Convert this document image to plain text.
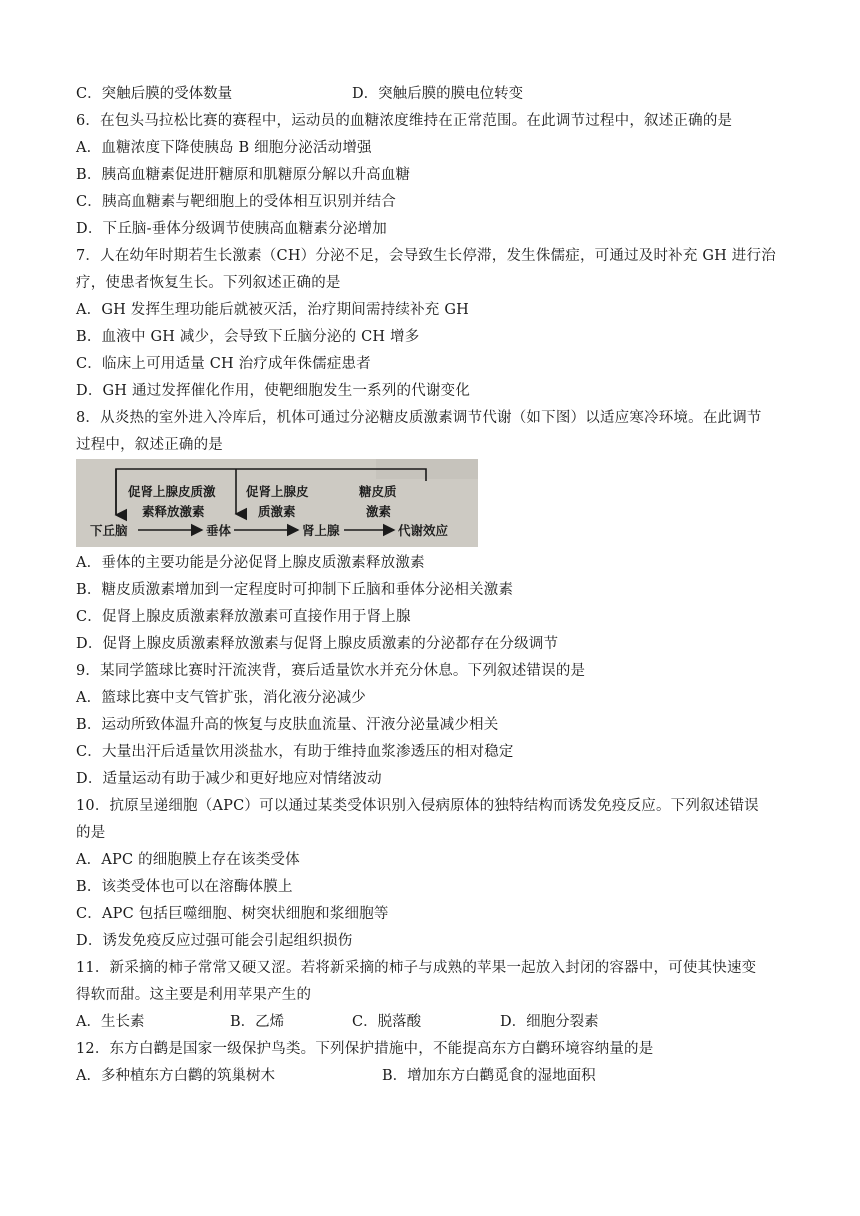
C．突触后膜的受体数量	D．突触后膜的膜电位转变
6．在包头马拉松比赛的赛程中，运动员的血糖浓度维持在正常范围。在此调节过程中，叙述正确的是
A．血糖浓度下降使胰岛 B 细胞分泌活动增强
B．胰高血糖素促进肝糖原和肌糖原分解以升高血糖
C．胰高血糖素与靶细胞上的受体相互识别并结合
D．下丘脑-垂体分级调节使胰高血糖素分泌增加
7．人在幼年时期若生长激素（CH）分泌不足，会导致生长停滞，发生侏儒症，可通过及时补充 GH 进行治
疗，使患者恢复生长。下列叙述正确的是
A．GH 发挥生理功能后就被灭活，治疗期间需持续补充 GH
B．血液中 GH 减少，会导致下丘脑分泌的 CH 增多
C．临床上可用适量 CH 治疗成年侏儒症患者
D．GH 通过发挥催化作用，使靶细胞发生一系列的代谢变化
8．从炎热的室外进入冷库后，机体可通过分泌糖皮质激素调节代谢（如下图）以适应寒冷环境。在此调节
过程中，叙述正确的是
促肾上腺皮质激
素释放激素
促肾上腺皮
质激素
糖皮质
激素
下丘脑	垂体	肾上腺	代谢效应
A．垂体的主要功能是分泌促肾上腺皮质激素释放激素
B．糖皮质激素增加到一定程度时可抑制下丘脑和垂体分泌相关激素
C．促肾上腺皮质激素释放激素可直接作用于肾上腺
D．促肾上腺皮质激素释放激素与促肾上腺皮质激素的分泌都存在分级调节
9．某同学篮球比赛时汗流浃背，赛后适量饮水并充分休息。下列叙述错误的是
A．篮球比赛中支气管扩张，消化液分泌减少
B．运动所致体温升高的恢复与皮肤血流量、汗液分泌量减少相关
C．大量出汗后适量饮用淡盐水，有助于维持血浆渗透压的相对稳定
D．适量运动有助于减少和更好地应对情绪波动
10．抗原呈递细胞（APC）可以通过某类受体识别入侵病原体的独特结构而诱发免疫反应。下列叙述错误
的是
A．APC 的细胞膜上存在该类受体
B．该类受体也可以在溶酶体膜上
C．APC 包括巨噬细胞、树突状细胞和浆细胞等
D．诱发免疫反应过强可能会引起组织损伤
11．新采摘的柿子常常又硬又涩。若将新采摘的柿子与成熟的苹果一起放入封闭的容器中，可使其快速变
得软而甜。这主要是利用苹果产生的
A．生长素	B．乙烯	C．脱落酸	D．细胞分裂素
12．东方白鹳是国家一级保护鸟类。下列保护措施中，不能提高东方白鹳环境容纳量的是
A．多种植东方白鹳的筑巢树木	B．增加东方白鹳觅食的湿地面积
